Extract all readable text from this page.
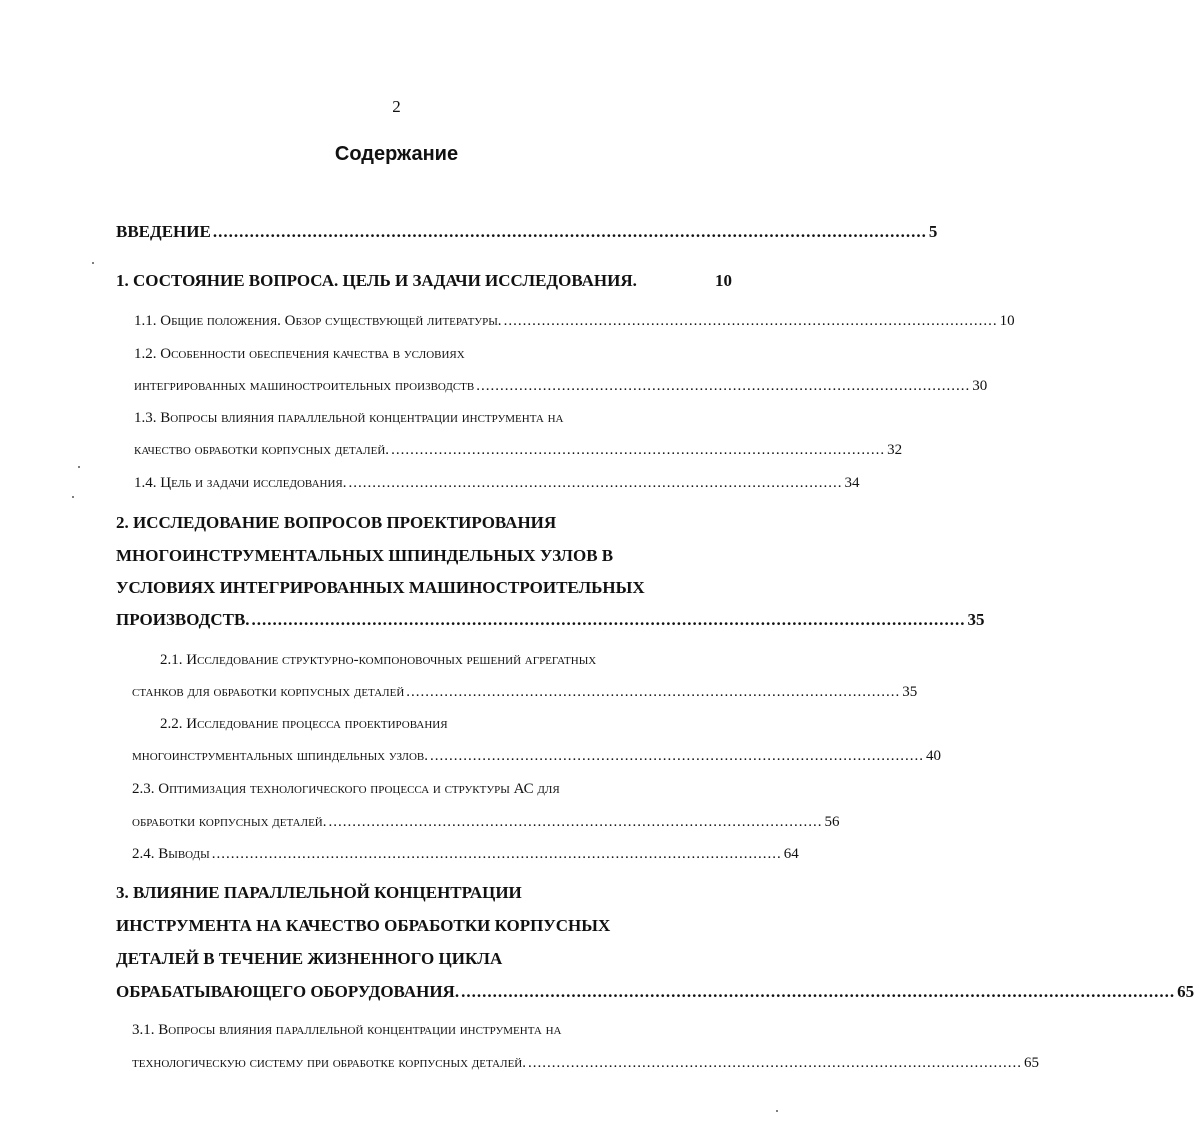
2
Содержание
ВВЕДЕНИЕ ........................................................................................................................................ 5
1. СОСТОЯНИЕ ВОПРОСА. ЦЕЛЬ И ЗАДАЧИ ИССЛЕДОВАНИЯ.	10
1.1. Общие положения. Обзор существующей литературы. ........................................................................................................ 10
1.2. Особенности обеспечения качества в условиях
интегрированных машиностроительных производств ........................................................................................................ 30
1.3. Вопросы влияния параллельной концентрации инструмента на
качество обработки корпусных деталей. ........................................................................................................ 32
1.4. Цель и задачи исследования. ........................................................................................................ 34
2. ИССЛЕДОВАНИЕ ВОПРОСОВ ПРОЕКТИРОВАНИЯ
МНОГОИНСТРУМЕНТАЛЬНЫХ ШПИНДЕЛЬНЫХ УЗЛОВ В
УСЛОВИЯХ ИНТЕГРИРОВАННЫХ МАШИНОСТРОИТЕЛЬНЫХ
ПРОИЗВОДСТВ. ........................................................................................................................................ 35
2.1. Исследование структурно-компоновочных решений агрегатных
станков для обработки корпусных деталей ........................................................................................................ 35
2.2. Исследование процесса проектирования
многоинструментальных шпиндельных узлов. ........................................................................................................ 40
2.3. Оптимизация технологического процесса и структуры АС для
обработки корпусных деталей. ........................................................................................................ 56
2.4. Выводы ........................................................................................................................ 64
3. ВЛИЯНИЕ ПАРАЛЛЕЛЬНОЙ КОНЦЕНТРАЦИИ
ИНСТРУМЕНТА НА КАЧЕСТВО ОБРАБОТКИ КОРПУСНЫХ
ДЕТАЛЕЙ В ТЕЧЕНИЕ ЖИЗНЕННОГО ЦИКЛА
ОБРАБАТЫВАЮЩЕГО ОБОРУДОВАНИЯ. ........................................................................................................................................ 65
3.1. Вопросы влияния параллельной концентрации инструмента на
технологическую систему при обработке корпусных деталей. ........................................................................................................ 65
